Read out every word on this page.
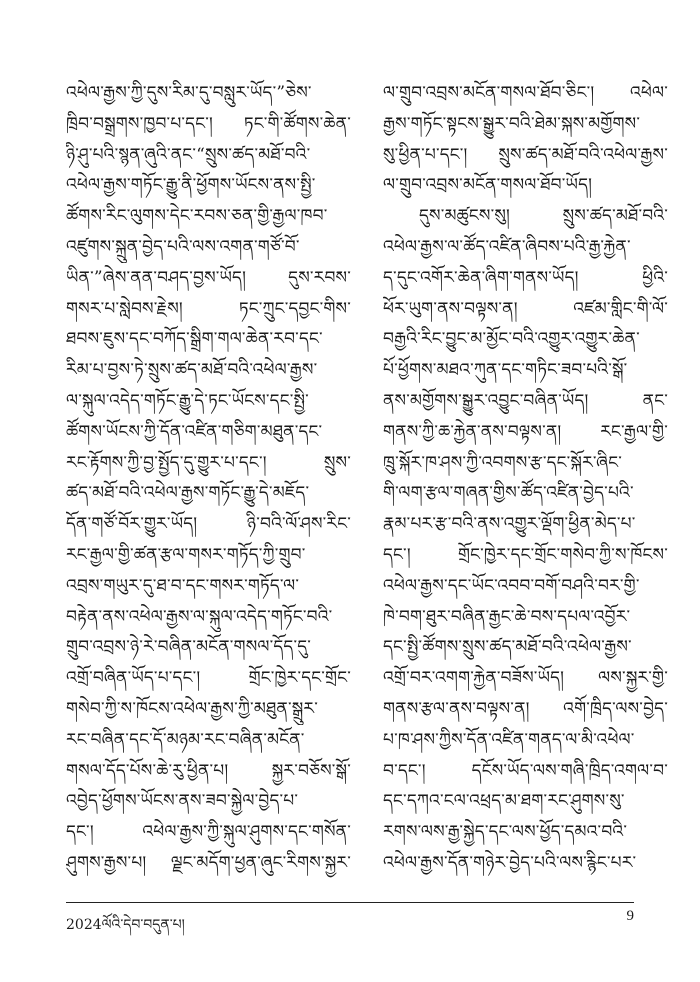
འཕེལ་རྒྱས་ཀྱི་དུས་རིམ་དུ་བསླུར་ཡོད་”ཅེས་
ཁྲིབ་བསྒྲགས་ཁྱབ་པ་དང་། ཏང་གི་ཚོགས་ཆེན་
ཉི་ཤུ་པའི་སྙན་ཞུའི་ནང་“སྲུས་ཚད་མཐོ་བའི་
འཕེལ་རྒྱས་གཏོང་རྒྱུ་ནི་ཕྱོགས་ཡོངས་ནས་སྤྱི་
ཚོགས་རིང་ལུགས་དེང་རབས་ཅན་གྱི་རྒྱལ་ཁབ་
འཛུགས་སྐྲུན་བྱེད་པའི་ལས་འགན་གཙོ་བོ་
ཡིན་”ཞེས་ནན་བཤད་བྱས་ཡོད། དུས་རབས་
གསར་པ་སླེབས་རྗེས། ཏང་ཀྲུང་དབྱང་གིས་
ཐབས་ཇུས་དང་བཀོད་སྒྲིག་གལ་ཆེན་རབ་དང་
རིམ་པ་བྱས་ཏེ་སྲུས་ཚད་མཐོ་བའི་འཕེལ་རྒྱས་
ལ་སྐུལ་འདེད་གཏོང་རྒྱུ་དེ་ཏང་ཡོངས་དང་སྤྱི་
ཚོགས་ཡོངས་ཀྱི་དོན་འཛིན་གཅིག་མཐུན་དང་
རང་རྟོགས་ཀྱི་བྱ་སྤྱོད་དུ་གྱུར་པ་དང་། སྲུས་
ཚད་མཐོ་བའི་འཕེལ་རྒྱས་གཏོང་རྒྱུ་དེ་མཇོད་
དོན་གཙོ་བོར་གྱུར་ཡོད། ཉི་བའི་ལོ་ཤས་རིང་
རང་རྒྱལ་གྱི་ཚན་རྩལ་གསར་གཏོད་ཀྱི་གྲུབ་
འབྲས་གཡུར་དུ་ཐ་བ་དང་གསར་གཏོད་ལ་
བརྟེན་ནས་འཕེལ་རྒྱས་ལ་སྐུལ་འདེད་གཏོང་བའི་
གྲུབ་འབྲས་ཉེ་རེ་བཞིན་མངོན་གསལ་དོད་དུ་
འགྲོ་བཞིན་ཡོད་པ་དང་། གྲོང་ཁྱེར་དང་གྲོང་
གསེབ་ཀྱི་ས་ཁོངས་འཕེལ་རྒྱས་ཀྱི་མཐུན་སྒྲུར་
རང་བཞིན་དང་དོ་མཉམ་རང་བཞིན་མངོན་
གསལ་དོད་པོས་ཆེ་རུ་ཕྱིན་པ། སྐྱར་བཅོས་སྒོ་
འབྱེད་ཕྱོགས་ཡོངས་ནས་ཟབ་སྐྱེལ་བྱེད་པ་
དང་། འཕེལ་རྒྱས་ཀྱི་སྐུལ་ཤུགས་དང་གསོན་
ཤུགས་རྒྱས་པ། ལྗང་མདོག་ཕྱན་ཞུང་རིགས་སྐྱར་
ལ་གྲུབ་འབྲས་མངོན་གསལ་ཐོབ་ཅིང་། འཕེལ་
རྒྱས་གཏོང་སྟངས་སྒྱུར་བའི་ཐེམ་སྐས་མགྱོགས་
སུ་ཕྱིན་པ་དང་། སྲུས་ཚད་མཐོ་བའི་འཕེལ་རྒྱས་
ལ་གྲུབ་འབྲས་མངོན་གསལ་ཐོབ་ཡོད།
དུས་མཚུངས་སུ། སྲུས་ཚད་མཐོ་བའི་
འཕེལ་རྒྱས་ལ་ཚོད་འཛིན་ཞིབས་པའི་རྒྱ་རྐྱེན་
ད་དུང་འགོར་ཆེན་ཞིག་གནས་ཡོད། ཕྱིའི་
ཕོར་ཡུག་ནས་བལྟས་ན། འཛམ་གླིང་གི་ལོ་
བརྒྱའི་རིང་བྱུང་མ་མྱོང་བའི་འགྱུར་འགྱུར་ཆེན་
པོ་ཕྱོགས་མཐའ་ཀུན་དང་གཏིང་ཟབ་པའི་སྒོ་
ནས་མགྱོགས་སྒྱུར་འབྱུང་བཞིན་ཡོད། ནང་
གནས་ཀྱི་ཆ་རྐྱེན་ནས་བལྟས་ན། རང་རྒྱལ་གྱི་
ཁྲུ་སྐོར་ཁ་ཤས་ཀྱི་འབགས་རྩ་དང་སྐོར་ཞིང་
གི་ལག་རྩལ་གཞན་གྱིས་ཚོད་འཛིན་བྱེད་པའི་
རྣམ་པར་རྩ་བའི་ནས་འགྱུར་ལྡོག་ཕྱིན་མེད་པ་
དང་། གྲོང་ཁྱེར་དང་གྲོང་གསེབ་ཀྱི་ས་ཁོངས་
འཕེལ་རྒྱས་དང་ཡོང་འབབ་བགོ་བཤའི་བར་གྱི་
ཁེ་བག་ཐུར་བཞིན་རྒྱང་ཆེ་བས་དཔལ་འབྱོར་
དང་སྤྱི་ཚོགས་སྲུས་ཚད་མཐོ་བའི་འཕེལ་རྒྱས་
འགྲོ་བར་འགག་རྐྱེན་བཟོས་ཡོད། ལས་སྐྱར་གྱི་
གནས་རྩལ་ནས་བལྟས་ན། འགོ་ཁྲིད་ལས་བྱེད་
པ་ཁ་ཤས་ཀྱིས་དོན་འཛིན་གནད་ལ་མི་འཕེལ་
བ་དང་། དངོས་ཡོད་ལས་གཞི་ཁྲིད་འགལ་བ་
དང་དཀའ་ངལ་འཕྲད་མ་ཐག་རང་ཤུགས་སུ་
རགས་ལས་རྒྱ་སྐྱེད་དང་ལས་ཕྱོད་དམའ་བའི་
འཕེལ་རྒྱས་དོན་གཉེར་བྱེད་པའི་ལས་རྙིང་པར་
2024ལོའི་དེབ་བདུན་པ།
9
